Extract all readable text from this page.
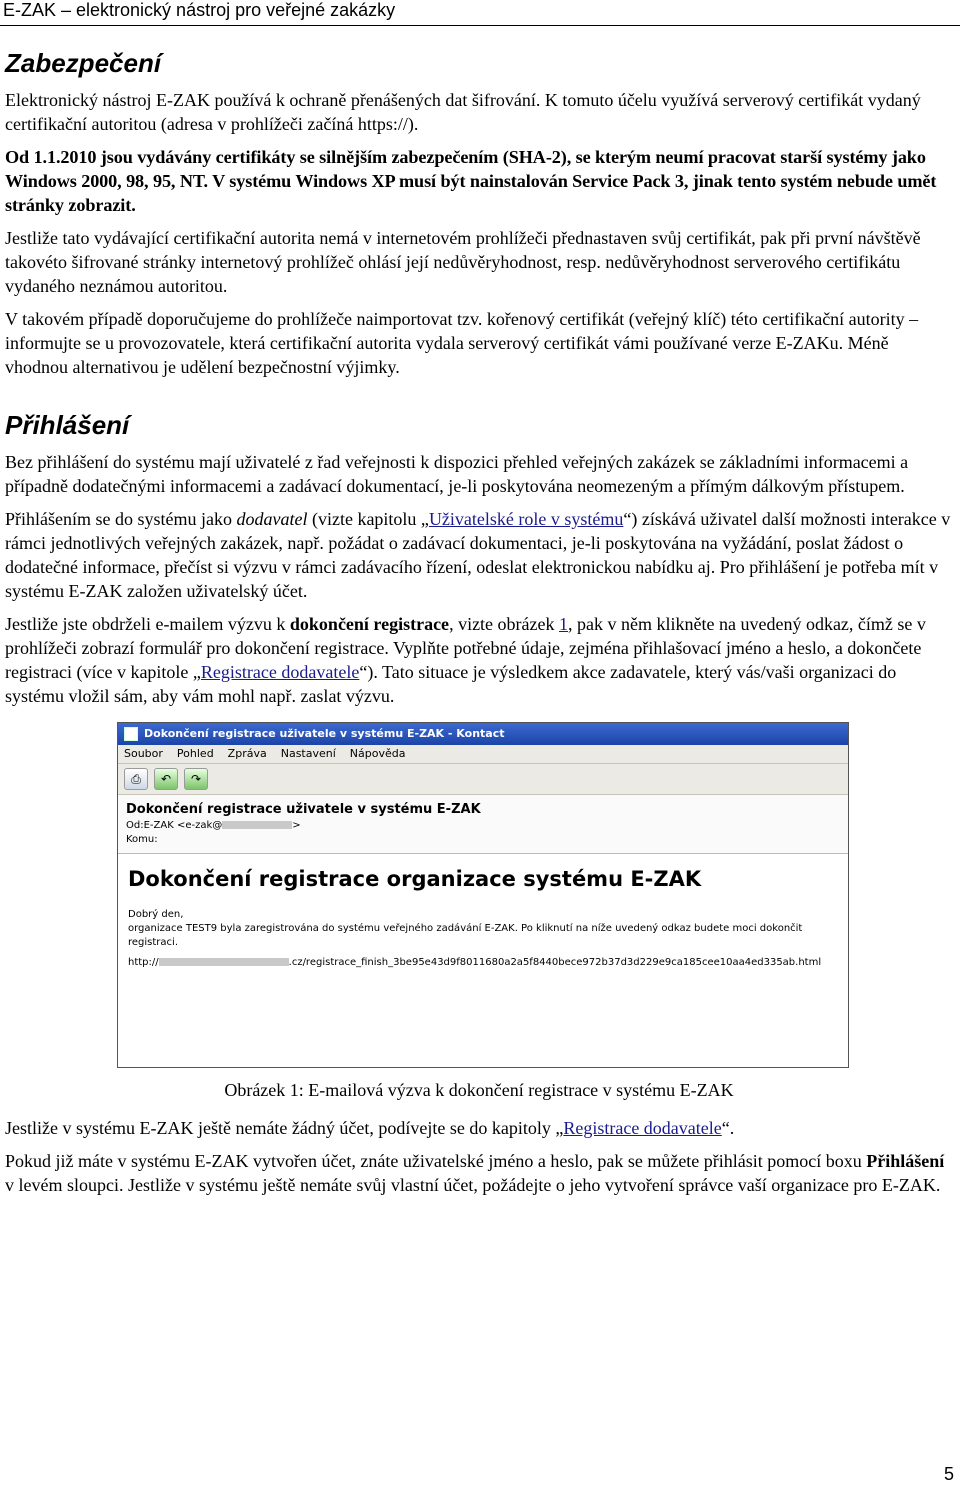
E-ZAK – elektronický nástroj pro veřejné zakázky
Zabezpečení

Elektronický nástroj E-ZAK používá k ochraně přenášených dat šifrování. K tomuto účelu využívá serverový certifikát vydaný certifikační autoritou (adresa v prohlížeči začíná https://).

Od 1.1.2010 jsou vydávány certifikáty se silnějším zabezpečením (SHA-2), se kterým neumí pracovat starší systémy jako Windows 2000, 98, 95, NT. V systému Windows XP musí být nainstalován Service Pack 3, jinak tento systém nebude umět stránky zobrazit.

Jestliže tato vydávající certifikační autorita nemá v internetovém prohlížeči přednastaven svůj certifikát, pak při první návštěvě takovéto šifrované stránky internetový prohlížeč ohlásí její nedůvěryhodnost, resp. nedůvěryhodnost serverového certifikátu vydaného neznámou autoritou.

V takovém případě doporučujeme do prohlížeče naimportovat tzv. kořenový certifikát (veřejný klíč) této certifikační autority – informujte se u provozovatele, která certifikační autorita vydala serverový certifikát vámi používané verze E-ZAKu. Méně vhodnou alternativou je udělení bezpečnostní výjimky.

Přihlášení

Bez přihlášení do systému mají uživatelé z řad veřejnosti k dispozici přehled veřejných zakázek se základními informacemi a případně dodatečnými informacemi a zadávací dokumentací, je-li poskytována neomezeným a přímým dálkovým přístupem.

Přihlášením se do systému jako dodavatel (vizte kapitolu „Uživatelské role v systému“) získává uživatel další možnosti interakce v rámci jednotlivých veřejných zakázek, např. požádat o zadávací dokumentaci, je-li poskytována na vyžádání, poslat žádost o dodatečné informace, přečíst si výzvu v rámci zadávacího řízení, odeslat elektronickou nabídku aj. Pro přihlášení je potřeba mít v systému E-ZAK založen uživatelský účet.

Jestliže jste obdrželi e-mailem výzvu k dokončení registrace, vizte obrázek 1, pak v něm klikněte na uvedený odkaz, čímž se v prohlížeči zobrazí formulář pro dokončení registrace. Vyplňte potřebné údaje, zejména přihlašovací jméno a heslo, a dokončete registraci (více v kapitole „Registrace dodavatele“). Tato situace je výsledkem akce zadavatele, který vás/vaši organizaci do systému vložil sám, aby vám mohl např. zaslat výzvu.

Dokončení registrace uživatele v systému E-ZAK - Kontact
Soubor Pohled Zpráva Nastavení Nápověda
⎙	↶	↷
Dokončení registrace uživatele v systému E-ZAK
Od:E-ZAK <e-zak@	>
Komu:
Dokončení registrace organizace systému E-ZAK
Dobrý den,
organizace TEST9 byla zaregistrována do systému veřejného zadávání E-ZAK. Po kliknutí na níže uvedený odkaz budete moci dokončit registraci.
http://	.cz/registrace_finish_3be95e43d9f8011680a2a5f8440bece972b37d3d229e9ca185cee10aa4ed335ab.html
Obrázek 1: E-mailová výzva k dokončení registrace v systému E-ZAK

Jestliže v systému E-ZAK ještě nemáte žádný účet, podívejte se do kapitoly „Registrace dodavatele“.

Pokud již máte v systému E-ZAK vytvořen účet, znáte uživatelské jméno a heslo, pak se můžete přihlásit pomocí boxu Přihlášení v levém sloupci. Jestliže v systému ještě nemáte svůj vlastní účet, požádejte o jeho vytvoření správce vaší organizace pro E-ZAK.

5
